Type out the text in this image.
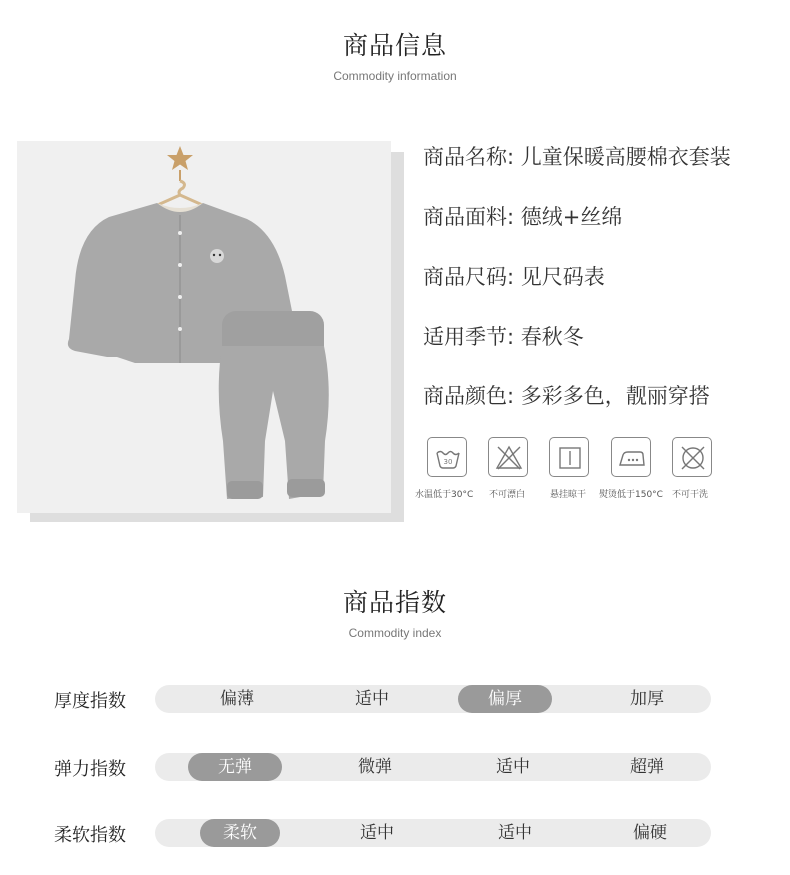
商品信息
Commodity information
商品名称: 儿童保暖高腰棉衣套装
商品面料: 德绒+丝绵
商品尺码: 见尺码表
适用季节: 春秋冬
商品颜色: 多彩多色，靓丽穿搭
30
水温低于30°C 不可漂白	悬挂晾干 熨烫低于150°C 不可干洗
商品指数
Commodity index
厚度指数	偏薄	适中	偏厚	加厚
弹力指数	无弹	微弹	适中	超弹
柔软指数	柔软	适中	适中	偏硬
